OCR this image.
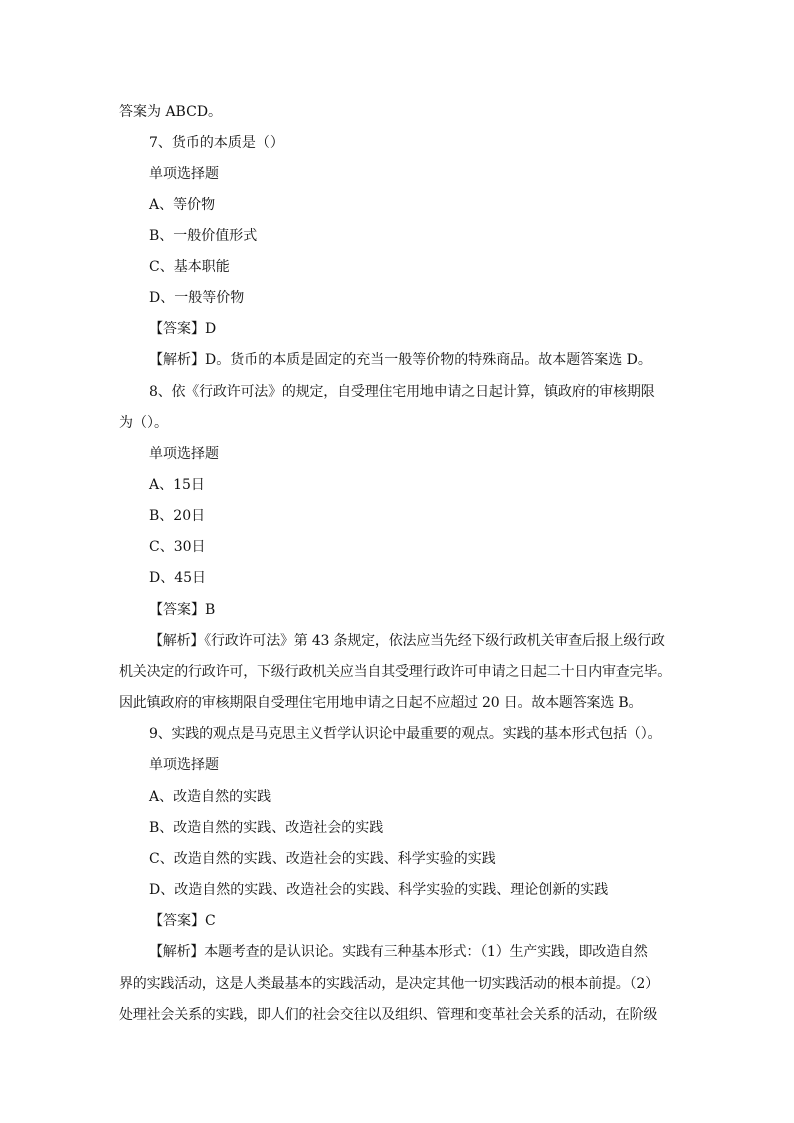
答案为 ABCD。
7、货币的本质是（）
单项选择题
A、等价物
B、一般价值形式
C、基本职能
D、一般等价物
【答案】D
【解析】D。货币的本质是固定的充当一般等价物的特殊商品。故本题答案选 D。
8、依《行政许可法》的规定，自受理住宅用地申请之日起计算，镇政府的审核期限
为（）。
单项选择题
A、15日
B、20日
C、30日
D、45日
【答案】B
【解析】《行政许可法》第 43 条规定，依法应当先经下级行政机关审查后报上级行政
机关决定的行政许可，下级行政机关应当自其受理行政许可申请之日起二十日内审查完毕。
因此镇政府的审核期限自受理住宅用地申请之日起不应超过 20 日。故本题答案选 B。
9、实践的观点是马克思主义哲学认识论中最重要的观点。实践的基本形式包括（）。
单项选择题
A、改造自然的实践
B、改造自然的实践、改造社会的实践
C、改造自然的实践、改造社会的实践、科学实验的实践
D、改造自然的实践、改造社会的实践、科学实验的实践、理论创新的实践
【答案】C
【解析】本题考查的是认识论。实践有三种基本形式：（1）生产实践，即改造自然
界的实践活动，这是人类最基本的实践活动，是决定其他一切实践活动的根本前提。（2）
处理社会关系的实践，即人们的社会交往以及组织、管理和变革社会关系的活动，在阶级
